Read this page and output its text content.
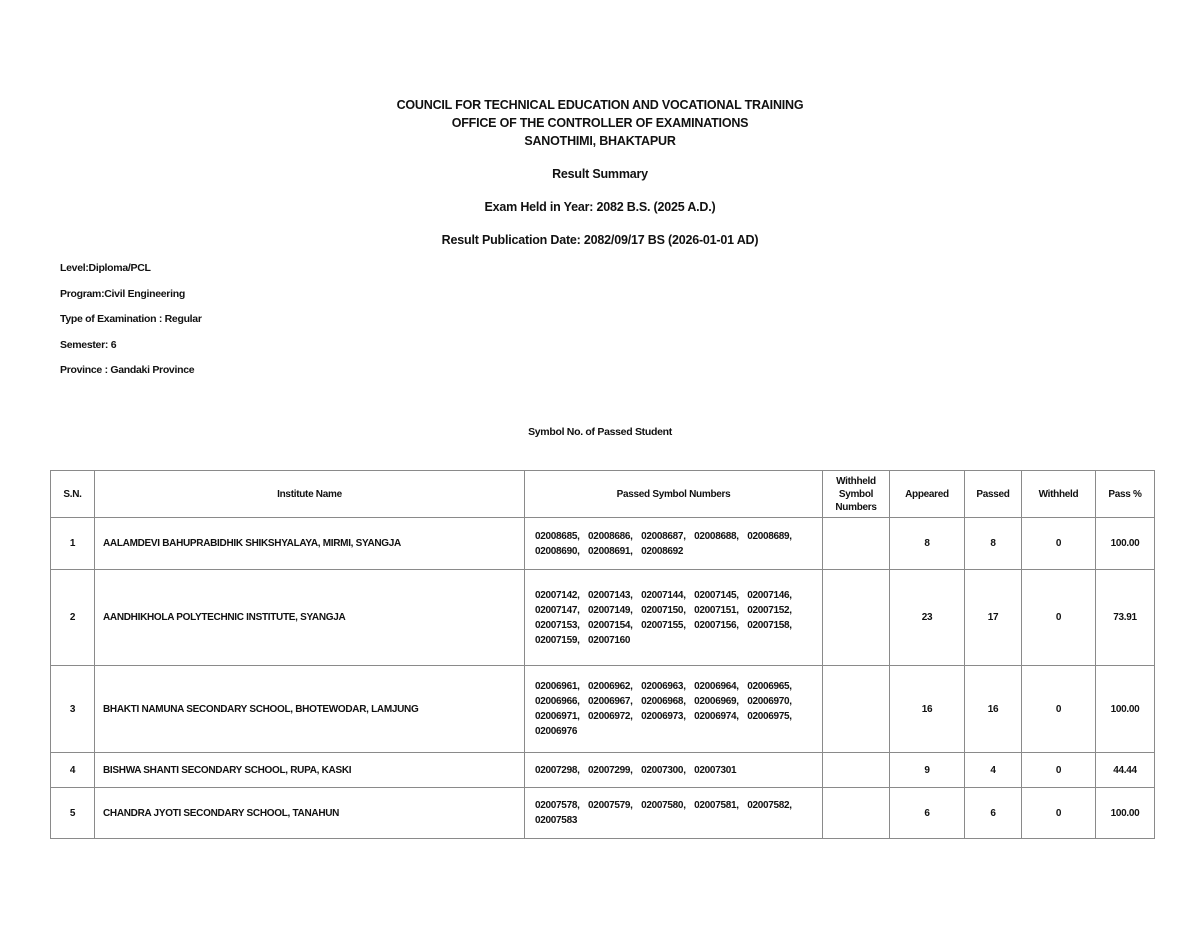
COUNCIL FOR TECHNICAL EDUCATION AND VOCATIONAL TRAINING
OFFICE OF THE CONTROLLER OF EXAMINATIONS
SANOTHIMI, BHAKTAPUR
Result Summary
Exam Held in Year: 2082 B.S. (2025 A.D.)
Result Publication Date: 2082/09/17 BS (2026-01-01 AD)
Level:Diploma/PCL
Program:Civil Engineering
Type of Examination : Regular
Semester: 6
Province : Gandaki Province
Symbol No. of Passed Student
S.N.	Institute Name	Passed Symbol Numbers	Withheld Symbol Numbers	Appeared	Passed	Withheld	Pass %
1	AALAMDEVI BAHUPRABIDHIK SHIKSHYALAYA, MIRMI, SYANGJA	02008685, 02008686, 02008687, 02008688, 02008689, 02008690, 02008691, 02008692		8	8	0	100.00
2	AANDHIKHOLA POLYTECHNIC INSTITUTE, SYANGJA	02007142, 02007143, 02007144, 02007145, 02007146, 02007147, 02007149, 02007150, 02007151, 02007152, 02007153, 02007154, 02007155, 02007156, 02007158, 02007159, 02007160		23	17	0	73.91
3	BHAKTI NAMUNA SECONDARY SCHOOL, BHOTEWODAR, LAMJUNG	02006961, 02006962, 02006963, 02006964, 02006965, 02006966, 02006967, 02006968, 02006969, 02006970, 02006971, 02006972, 02006973, 02006974, 02006975, 02006976		16	16	0	100.00
4	BISHWA SHANTI SECONDARY SCHOOL, RUPA, KASKI	02007298, 02007299, 02007300, 02007301		9	4	0	44.44
5	CHANDRA JYOTI SECONDARY SCHOOL, TANAHUN	02007578, 02007579, 02007580, 02007581, 02007582, 02007583		6	6	0	100.00
